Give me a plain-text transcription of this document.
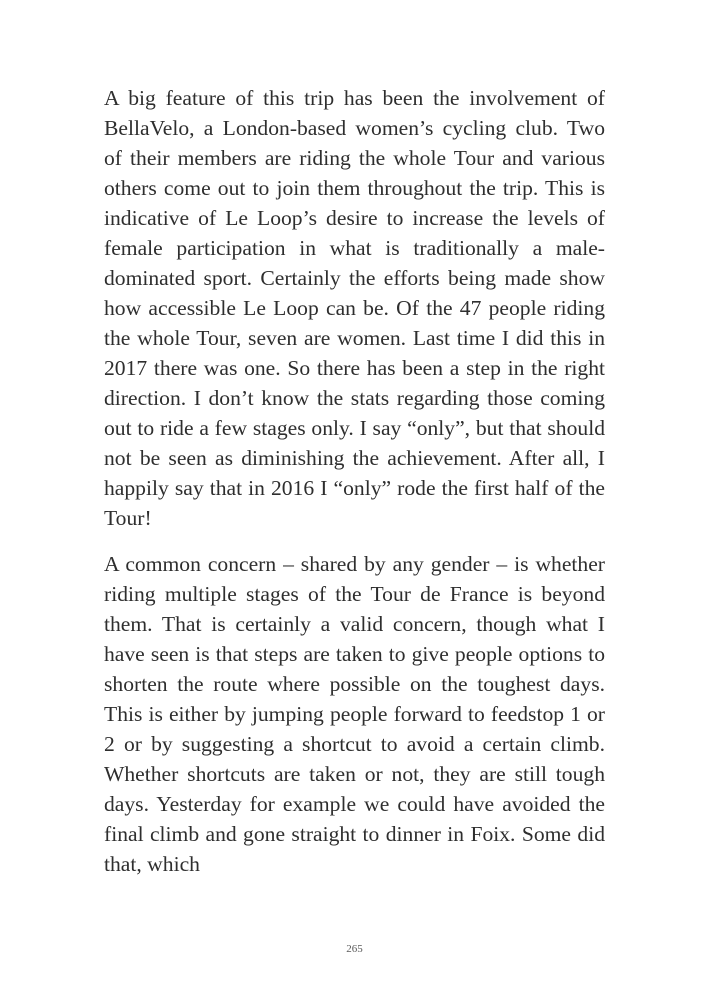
A big feature of this trip has been the involvement of BellaVelo, a London-based women’s cycling club. Two of their members are riding the whole Tour and various others come out to join them throughout the trip. This is indicative of Le Loop’s desire to increase the levels of female participation in what is traditionally a male-dominated sport. Certainly the efforts being made show how accessible Le Loop can be. Of the 47 people riding the whole Tour, seven are women. Last time I did this in 2017 there was one. So there has been a step in the right direction. I don’t know the stats regarding those coming out to ride a few stages only. I say “only”, but that should not be seen as diminishing the achievement. After all, I happily say that in 2016 I “only” rode the first half of the Tour!

A common concern – shared by any gender – is whether riding multiple stages of the Tour de France is beyond them. That is certainly a valid concern, though what I have seen is that steps are taken to give people options to shorten the route where possible on the toughest days. This is either by jumping people forward to feedstop 1 or 2 or by suggesting a shortcut to avoid a certain climb. Whether shortcuts are taken or not, they are still tough days. Yesterday for example we could have avoided the final climb and gone straight to dinner in Foix. Some did that, which

265
